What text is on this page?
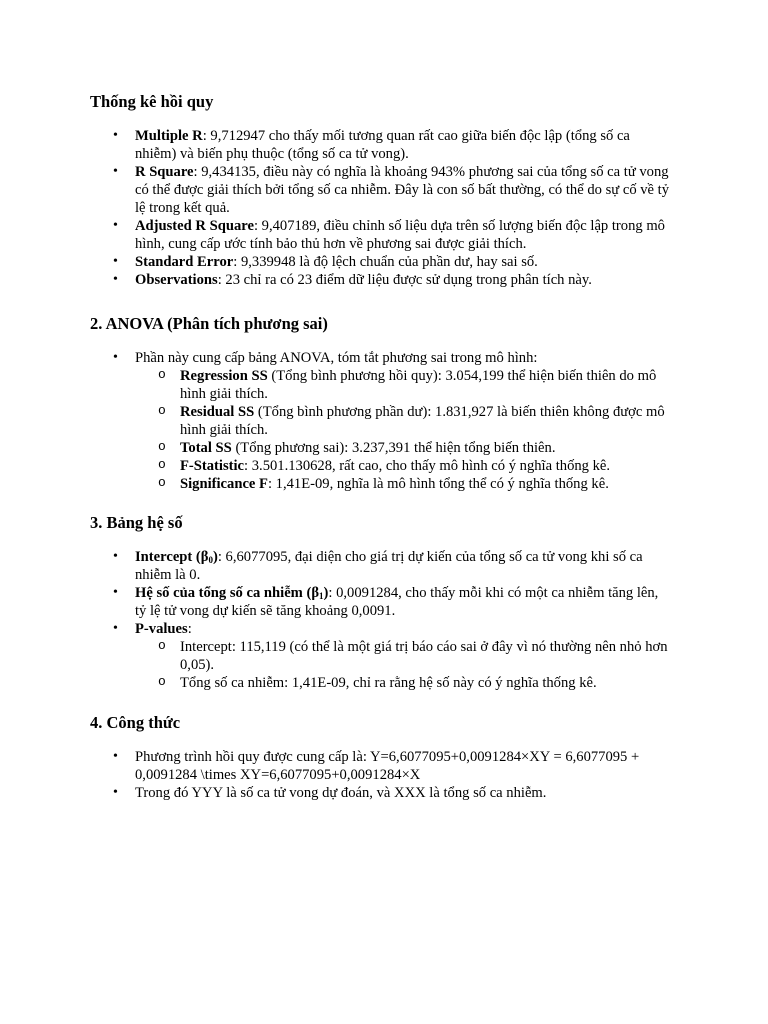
Thống kê hồi quy
• Multiple R: 9,712947 cho thấy mối tương quan rất cao giữa biến độc lập (tổng số ca nhiễm) và biến phụ thuộc (tổng số ca tử vong).
• R Square: 9,434135, điều này có nghĩa là khoảng 943% phương sai của tổng số ca tử vong có thể được giải thích bởi tổng số ca nhiễm. Đây là con số bất thường, có thể do sự cố về tỷ lệ trong kết quả.
• Adjusted R Square: 9,407189, điều chỉnh số liệu dựa trên số lượng biến độc lập trong mô hình, cung cấp ước tính bảo thủ hơn về phương sai được giải thích.
• Standard Error: 9,339948 là độ lệch chuẩn của phần dư, hay sai số.
• Observations: 23 chỉ ra có 23 điểm dữ liệu được sử dụng trong phân tích này.
2. ANOVA (Phân tích phương sai)
• Phần này cung cấp bảng ANOVA, tóm tắt phương sai trong mô hình:
o Regression SS (Tổng bình phương hồi quy): 3.054,199 thể hiện biến thiên do mô hình giải thích.
o Residual SS (Tổng bình phương phần dư): 1.831,927 là biến thiên không được mô hình giải thích.
o Total SS (Tổng phương sai): 3.237,391 thể hiện tổng biến thiên.
o F-Statistic: 3.501.130628, rất cao, cho thấy mô hình có ý nghĩa thống kê.
o Significance F: 1,41E-09, nghĩa là mô hình tổng thể có ý nghĩa thống kê.
3. Bảng hệ số
• Intercept $(\beta_0)$: 6,6077095, đại diện cho giá trị dự kiến của tổng số ca tử vong khi số ca nhiễm là 0.
• Hệ số của tổng số ca nhiễm $(\beta_1)$: 0,0091284, cho thấy mỗi khi có một ca nhiễm tăng lên, tỷ lệ tử vong dự kiến sẽ tăng khoảng 0,0091.
• P-values:
o Intercept: 115,119 (có thể là một giá trị báo cáo sai ở đây vì nó thường nên nhỏ hơn 0,05).
o Tổng số ca nhiễm: 1,41E-09, chỉ ra rằng hệ số này có ý nghĩa thống kê.
4. Công thức
• Phương trình hồi quy được cung cấp là: Y=6,6077095+0,0091284×XY = 6,6077095 + 0,0091284 \times XY=6,6077095+0,0091284×X
• Trong đó YYY là số ca tử vong dự đoán, và XXX là tổng số ca nhiễm.
